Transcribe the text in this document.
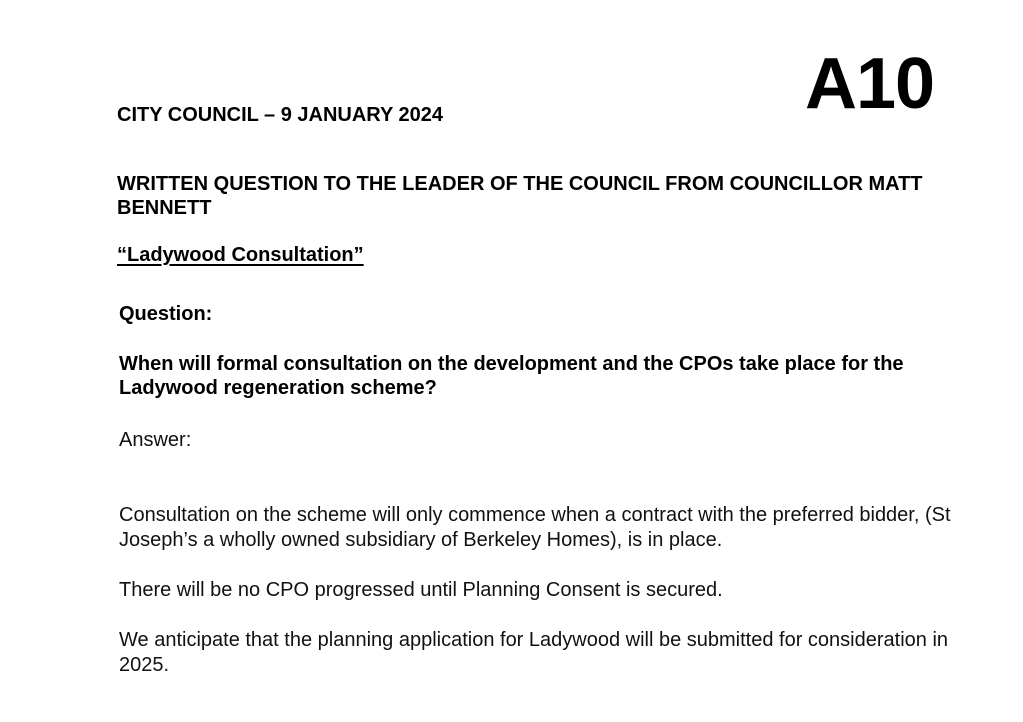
A10
CITY COUNCIL – 9 JANUARY 2024
WRITTEN QUESTION TO THE LEADER OF THE COUNCIL FROM COUNCILLOR MATT BENNETT
“Ladywood Consultation”
Question:
When will formal consultation on the development and the CPOs take place for the Ladywood regeneration scheme?
Answer:

Consultation on the scheme will only commence when a contract with the preferred bidder, (St Joseph’s a wholly owned subsidiary of Berkeley Homes), is in place.

There will be no CPO progressed until Planning Consent is secured.

We anticipate that the planning application for Ladywood will be submitted for consideration in 2025.
